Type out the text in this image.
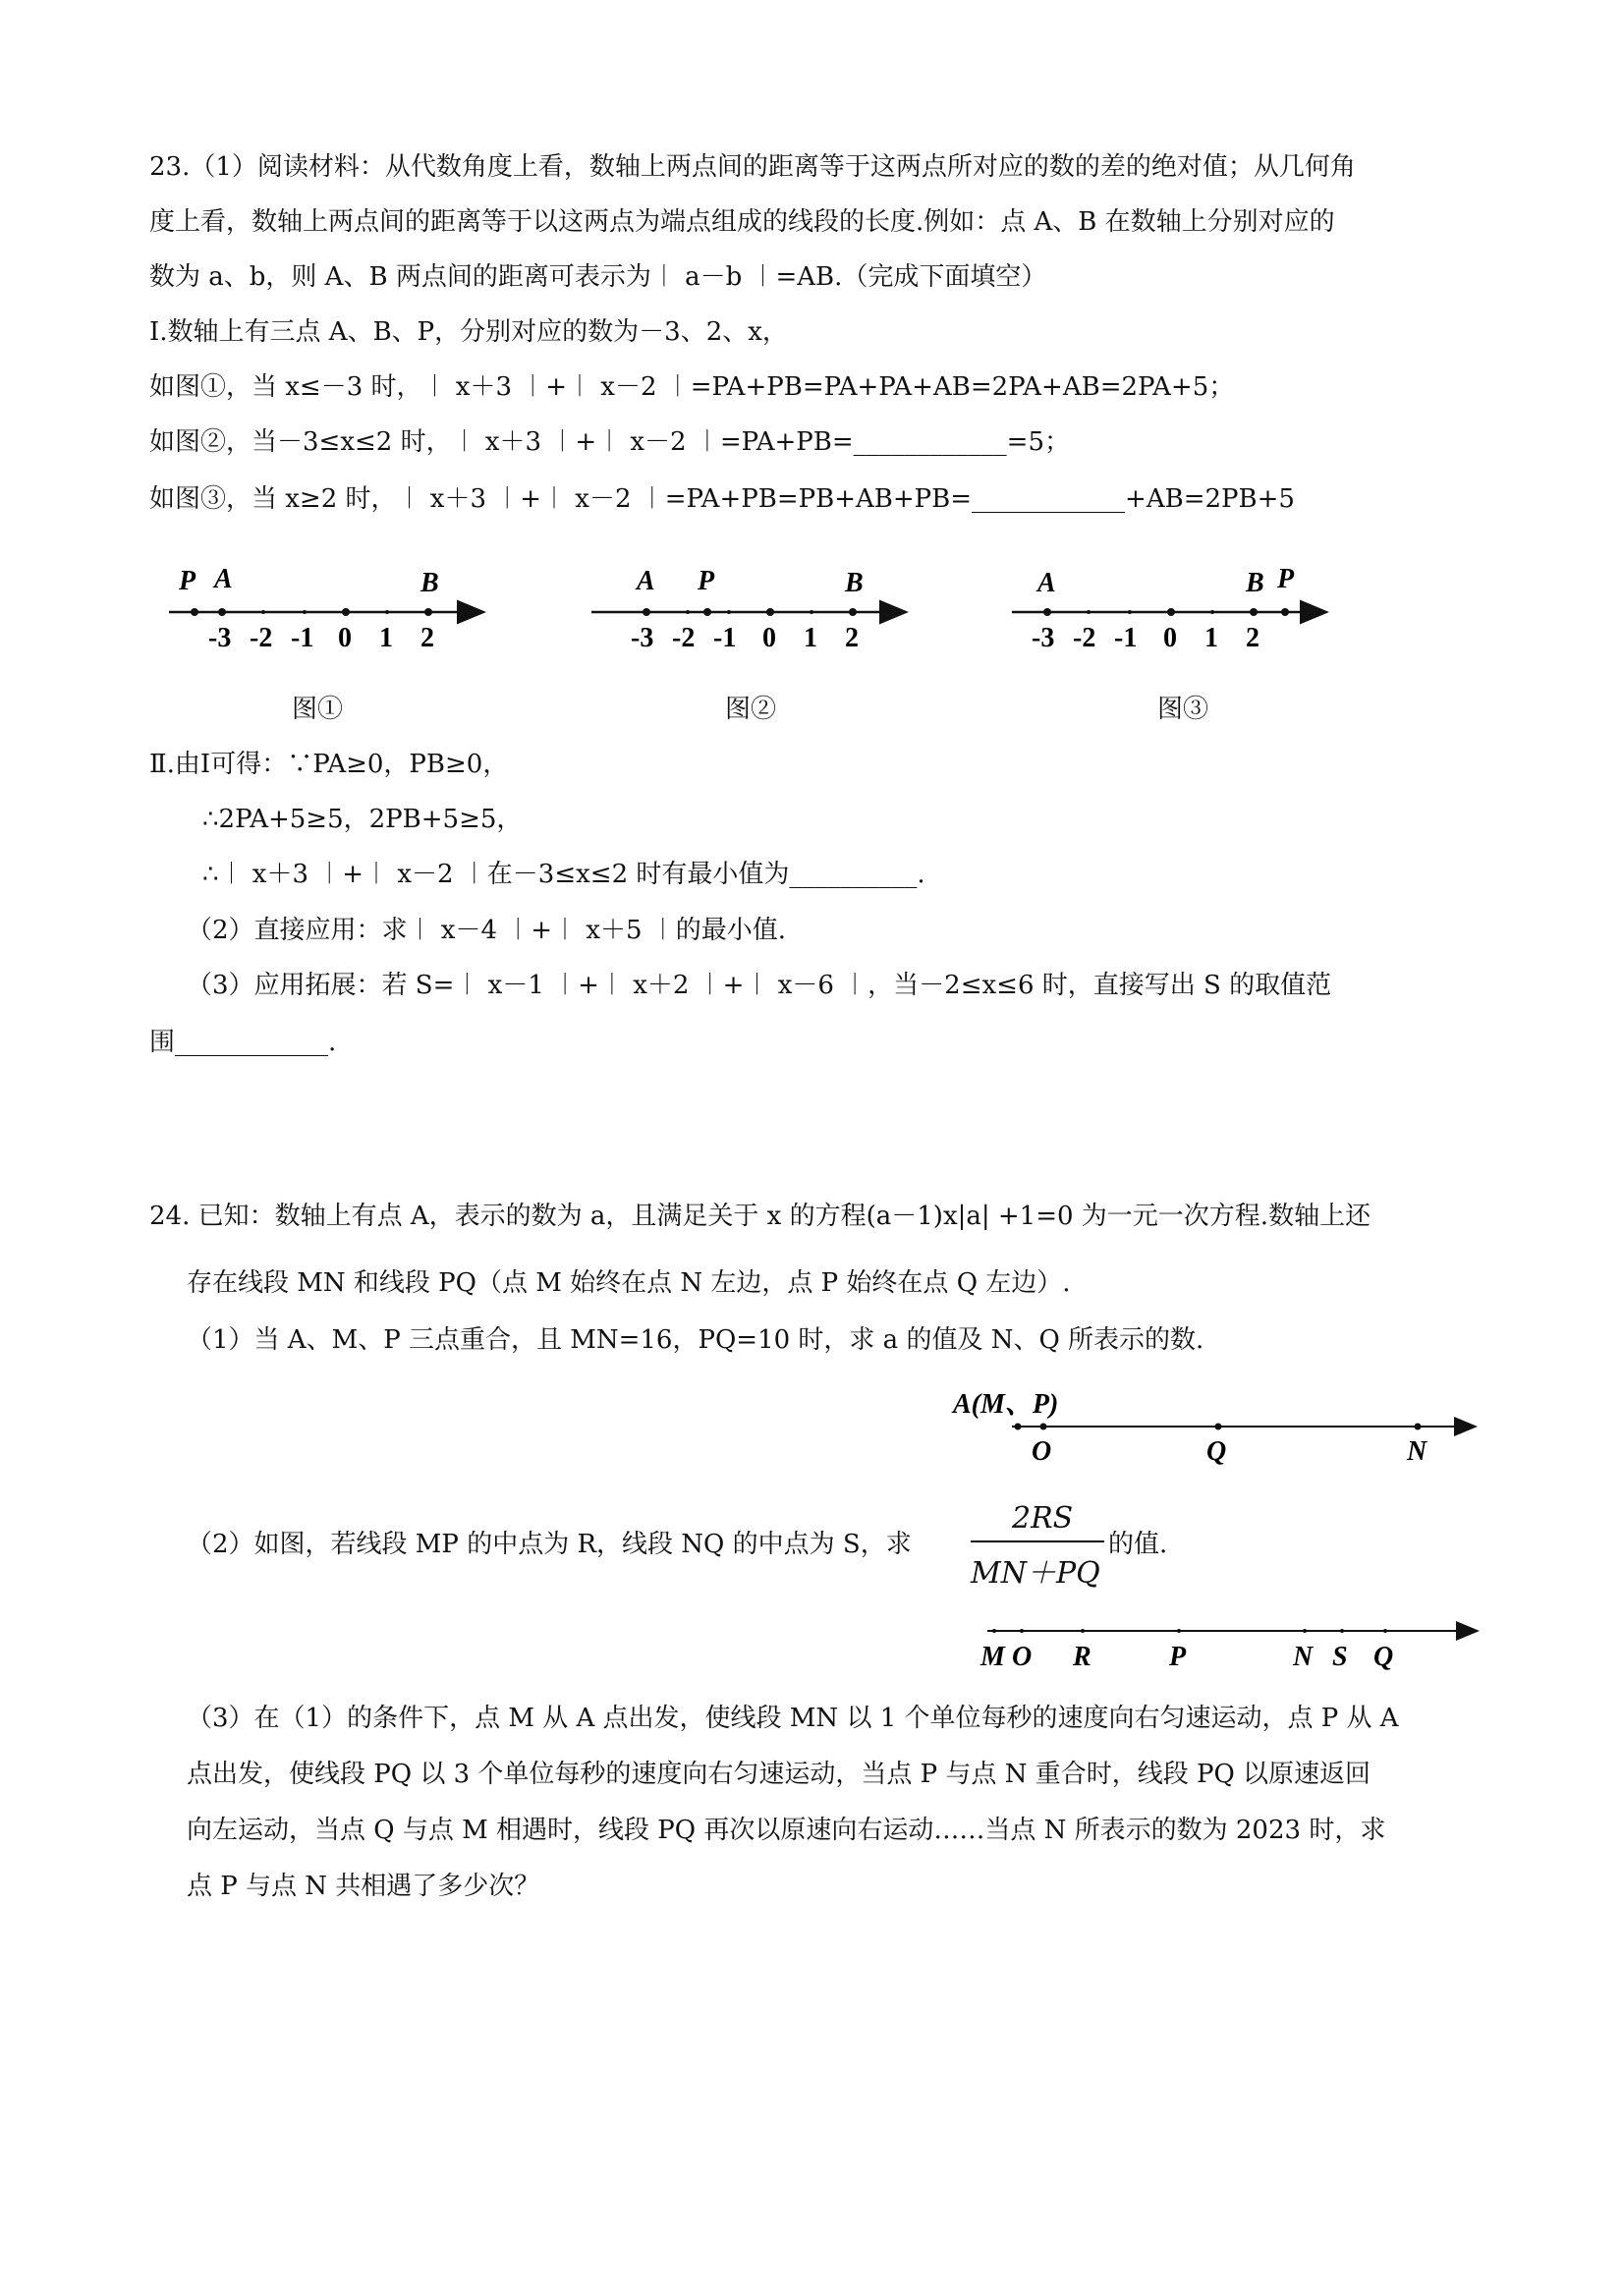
23.（1）阅读材料：从代数角度上看，数轴上两点间的距离等于这两点所对应的数的差的绝对值；从几何角
度上看，数轴上两点间的距离等于以这两点为端点组成的线段的长度.例如：点 A、B 在数轴上分别对应的
数为 a、b，则 A、B 两点间的距离可表示为︱ a－b ︱=AB.（完成下面填空）
Ⅰ.数轴上有三点 A、B、P，分别对应的数为－3、2、x，
如图①，当 x≤－3 时，︱ x＋3 ︱+︱ x－2 ︱=PA+PB=PA+PA+AB=2PA+AB=2PA+5；
如图②，当－3≤x≤2 时，︱ x＋3 ︱+︱ x－2 ︱=PA+PB=____________=5；
如图③，当 x≥2 时，︱ x＋3 ︱+︱ x－2 ︱=PA+PB=PB+AB+PB=____________+AB=2PB+5
P A	B
-3 -2 -1 0 1 2
A P	B
-3 -2 -1 0 1 2
A	B P
-3 -2 -1 0 1 2
图①	图②	图③
Ⅱ.由Ⅰ可得：∵PA≥0，PB≥0，
∴2PA+5≥5，2PB+5≥5，
∴︱ x＋3 ︱+︱ x－2 ︱在－3≤x≤2 时有最小值为__________.
（2）直接应用：求︱ x－4 ︱+︱ x＋5 ︱的最小值.
（3）应用拓展：若 S=︱ x－1 ︱+︱ x＋2 ︱+︱ x－6 ︱，当－2≤x≤6 时，直接写出 S 的取值范
围____________.
24. 已知：数轴上有点 A，表示的数为 a，且满足关于 x 的方程(a－1)x|a| +1=0 为一元一次方程.数轴上还
存在线段 MN 和线段 PQ（点 M 始终在点 N 左边，点 P 始终在点 Q 左边）.
（1）当 A、M、P 三点重合，且 MN=16，PQ=10 时，求 a 的值及 N、Q 所表示的数.
A(M、P)
O	Q	N
（2）如图，若线段 MP 的中点为 R，线段 NQ 的中点为 S，求
2RS
MN＋PQ
的值.
M O R	P	N S Q
（3）在（1）的条件下，点 M 从 A 点出发，使线段 MN 以 1 个单位每秒的速度向右匀速运动，点 P 从 A
点出发，使线段 PQ 以 3 个单位每秒的速度向右匀速运动，当点 P 与点 N 重合时，线段 PQ 以原速返回
向左运动，当点 Q 与点 M 相遇时，线段 PQ 再次以原速向右运动……当点 N 所表示的数为 2023 时，求
点 P 与点 N 共相遇了多少次？
